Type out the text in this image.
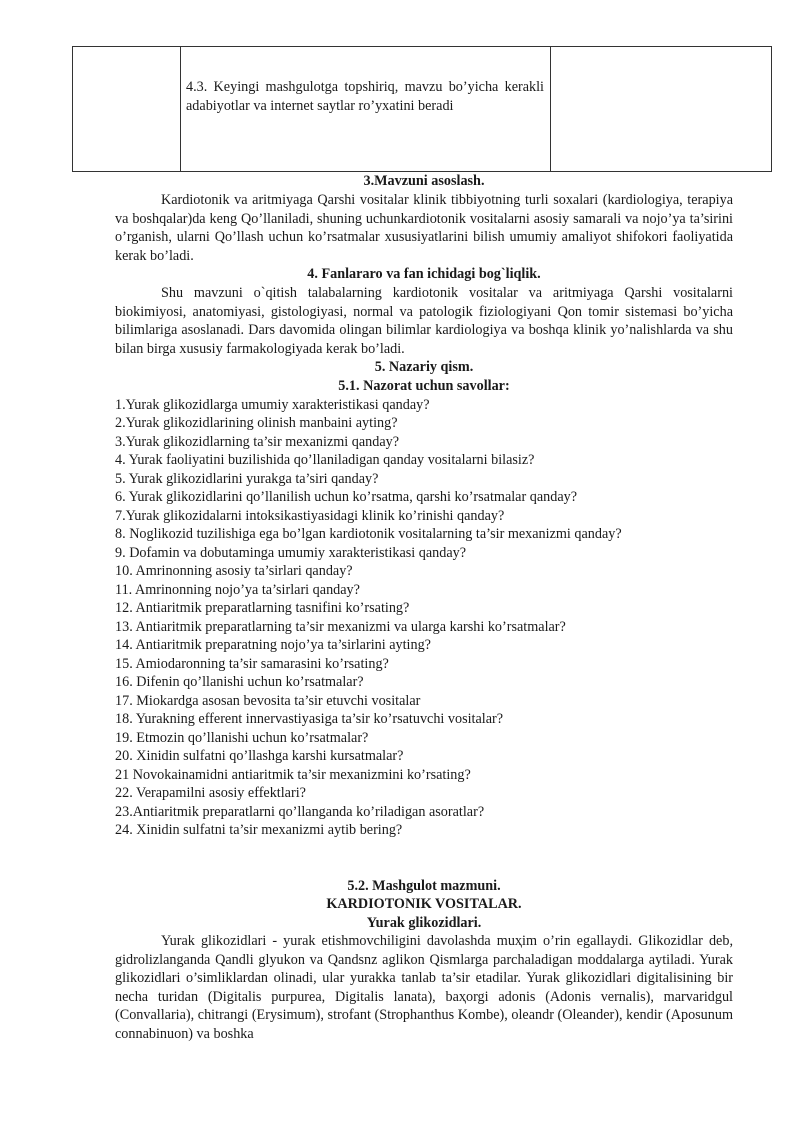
4.3. Keyingi mashgulotga topshiriq, mavzu bo’yicha kerakli adabiyotlar va internet saytlar ro’yxatini beradi
3.Mavzuni asoslash.

Kardiotonik va aritmiyaga Qarshi vositalar klinik tibbiyotning turli soxalari (kardiologiya, terapiya va boshqalar)da keng Qo’llaniladi, shuning uchunkardiotonik vositalarni asosiy samarali va nojo’ya ta’sirini o’rganish, ularni Qo’llash uchun ko’rsatmalar xususiyatlarini bilish umumiy amaliyot shifokori faoliyatida kerak bo’ladi.

4. Fanlararo va fan ichidagi bog`liqlik.

Shu mavzuni o`qitish talabalarning kardiotonik vositalar va aritmiyaga Qarshi vositalarni biokimiyosi, anatomiyasi, gistologiyasi, normal va patologik fiziologiyani Qon tomir sistemasi bo’yicha bilimlariga asoslanadi. Dars davomida olingan bilimlar kardiologiya va boshqa klinik yo’nalishlarda va shu bilan birga xususiy farmakologiyada kerak bo’ladi.

5. Nazariy qism.
5.1. Nazorat uchun savollar:
1.Yurak glikozidlarga umumiy xarakteristikasi qanday?
2.Yurak glikozidlarining olinish manbaini ayting?
3.Yurak glikozidlarning ta’sir mexanizmi qanday?
4. Yurak faoliyatini buzilishida qo’llaniladigan qanday vositalarni bilasiz?
5. Yurak glikozidlarini yurakga ta’siri qanday?
6. Yurak glikozidlarini qo’llanilish uchun ko’rsatma, qarshi ko’rsatmalar qanday?
7.Yurak glikozidalarni intoksikastiyasidagi klinik ko’rinishi qanday?
8. Noglikozid tuzilishiga ega bo’lgan kardiotonik vositalarning ta’sir mexanizmi qanday?
9. Dofamin va dobutaminga umumiy xarakteristikasi qanday?
10. Amrinonning asosiy ta’sirlari qanday?
11. Amrinonning nojo’ya ta’sirlari qanday?
12. Antiaritmik preparatlarning tasnifini ko’rsating?
13. Antiaritmik preparatlarning ta’sir mexanizmi va ularga karshi ko’rsatmalar?
14. Antiaritmik preparatning nojo’ya ta’sirlarini ayting?
15. Amiodaronning ta’sir samarasini ko’rsating?
16. Difenin qo’llanishi uchun ko’rsatmalar?
17. Miokardga asosan bevosita ta’sir etuvchi vositalar
18. Yurakning efferent innervastiyasiga ta’sir ko’rsatuvchi vositalar?
19. Etmozin qo’llanishi uchun ko’rsatmalar?
20. Xinidin sulfatni qo’llashga karshi kursatmalar?
21 Novokainamidni antiaritmik ta’sir mexanizmini ko’rsating?
22. Verapamilni asosiy effektlari?
23.Antiaritmik preparatlarni qo’llanganda ko’riladigan asoratlar?
24. Xinidin sulfatni ta’sir mexanizmi aytib bering?
5.2. Mashgulot mazmuni.
KARDIOTONIK VOSITALAR.
Yurak glikozidlari.

Yurak glikozidlari - yurak etishmovchiligini davolashda muҳim o’rin egallaydi. Glikozidlar deb, gidrolizlanganda Qandli glyukon va Qandsnz aglikon Qismlarga parchaladigan moddalarga aytiladi. Yurak glikozidlari o’simliklardan olinadi, ular yurakka tanlab ta’sir etadilar. Yurak glikozidlari digitalisining bir necha turidan (Digitalis purpurea, Digitalis lanata), baҳorgi adonis (Adonis vernalis), marvaridgul (Convallaria), chitrangi (Erysimum), strofant (Strophanthus Kombe), oleandr (Oleander), kendir (Aposunum connabinuon) va boshka
